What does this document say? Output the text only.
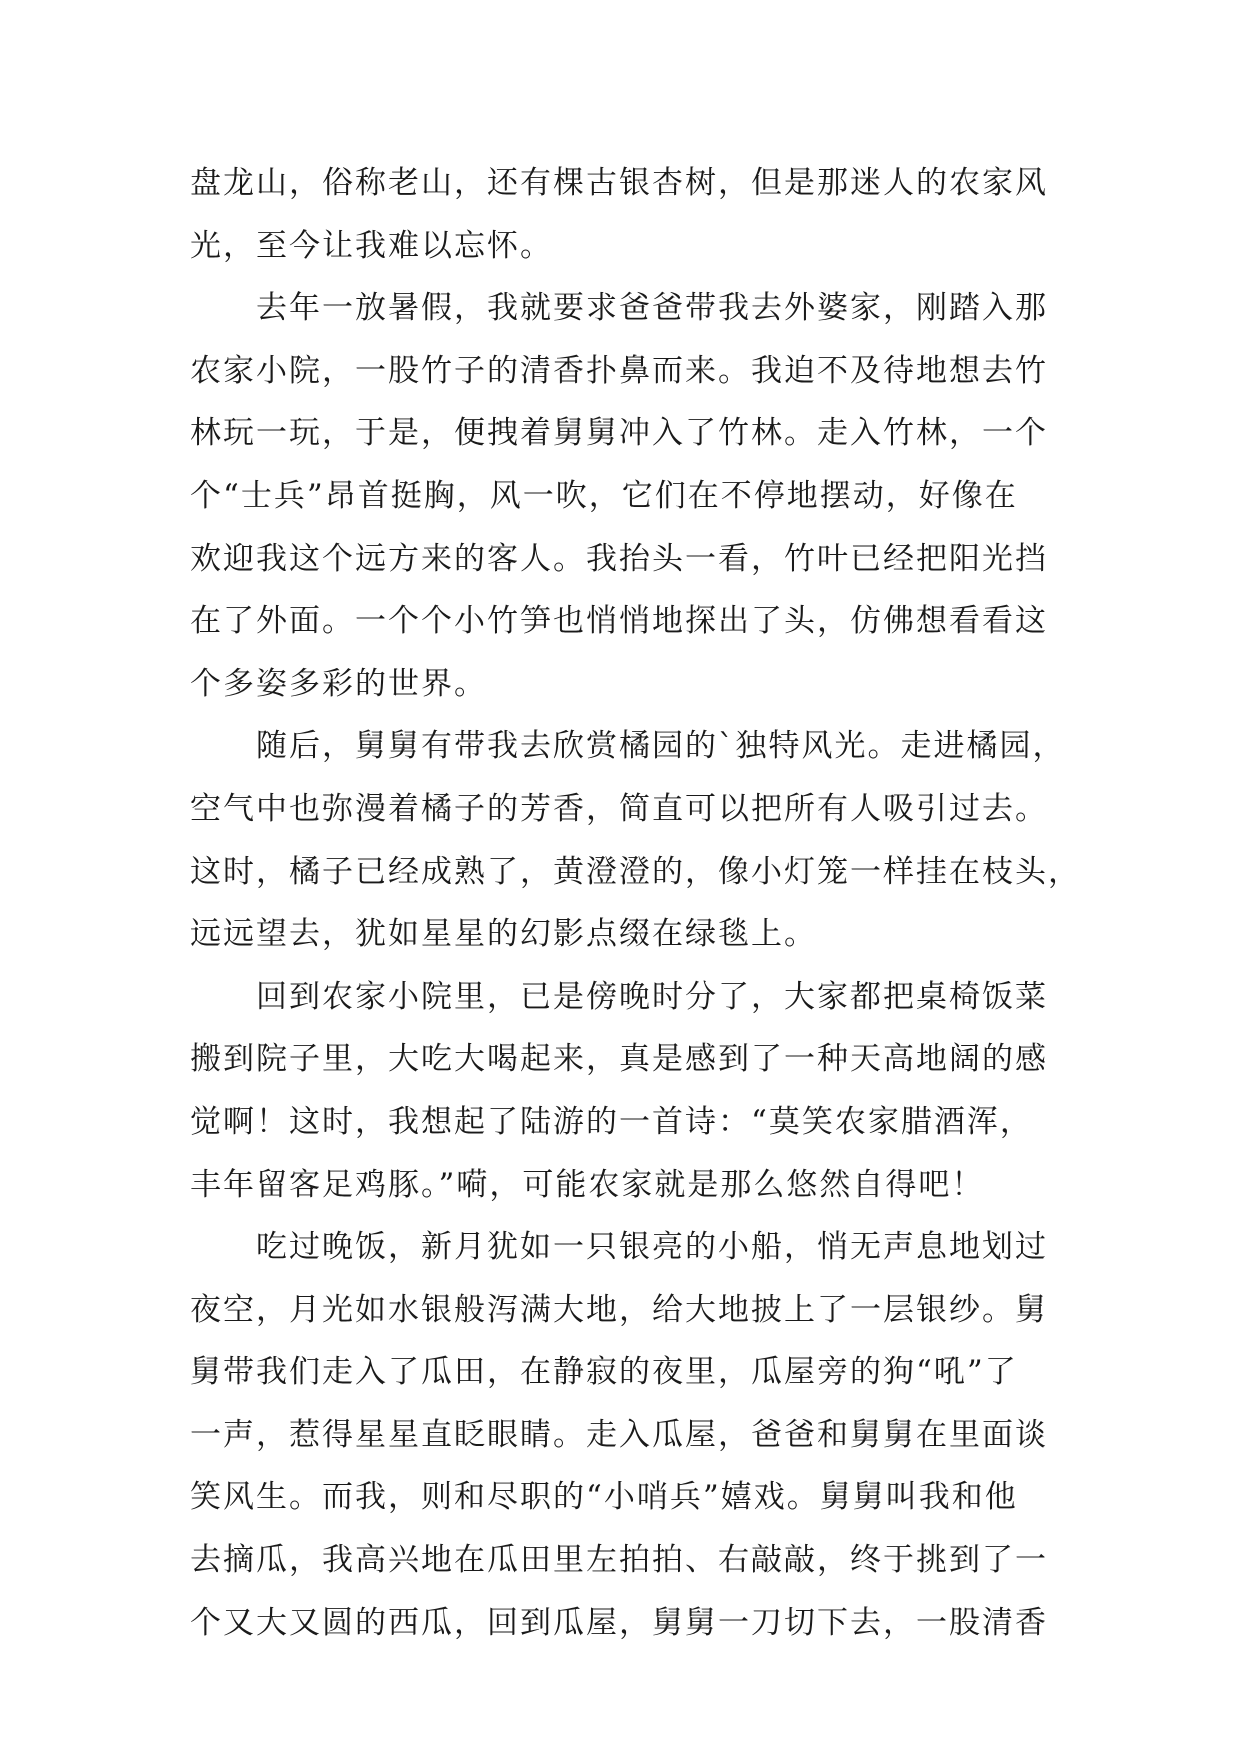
盘龙山，俗称老山，还有棵古银杏树，但是那迷人的农家风
光，至今让我难以忘怀。
去年一放暑假，我就要求爸爸带我去外婆家，刚踏入那
农家小院，一股竹子的清香扑鼻而来。我迫不及待地想去竹
林玩一玩，于是，便拽着舅舅冲入了竹林。走入竹林，一个
个“士兵”昂首挺胸，风一吹，它们在不停地摆动，好像在
欢迎我这个远方来的客人。我抬头一看，竹叶已经把阳光挡
在了外面。一个个小竹笋也悄悄地探出了头，仿佛想看看这
个多姿多彩的世界。
随后，舅舅有带我去欣赏橘园的`独特风光。走进橘园，
空气中也弥漫着橘子的芳香，简直可以把所有人吸引过去。
这时，橘子已经成熟了，黄澄澄的，像小灯笼一样挂在枝头，
远远望去，犹如星星的幻影点缀在绿毯上。
回到农家小院里，已是傍晚时分了，大家都把桌椅饭菜
搬到院子里，大吃大喝起来，真是感到了一种天高地阔的感
觉啊！这时，我想起了陆游的一首诗：“莫笑农家腊酒浑，
丰年留客足鸡豚。”嗬，可能农家就是那么悠然自得吧！
吃过晚饭，新月犹如一只银亮的小船，悄无声息地划过
夜空，月光如水银般泻满大地，给大地披上了一层银纱。舅
舅带我们走入了瓜田，在静寂的夜里，瓜屋旁的狗“吼”了
一声，惹得星星直眨眼睛。走入瓜屋，爸爸和舅舅在里面谈
笑风生。而我，则和尽职的“小哨兵”嬉戏。舅舅叫我和他
去摘瓜，我高兴地在瓜田里左拍拍、右敲敲，终于挑到了一
个又大又圆的西瓜，回到瓜屋，舅舅一刀切下去，一股清香
